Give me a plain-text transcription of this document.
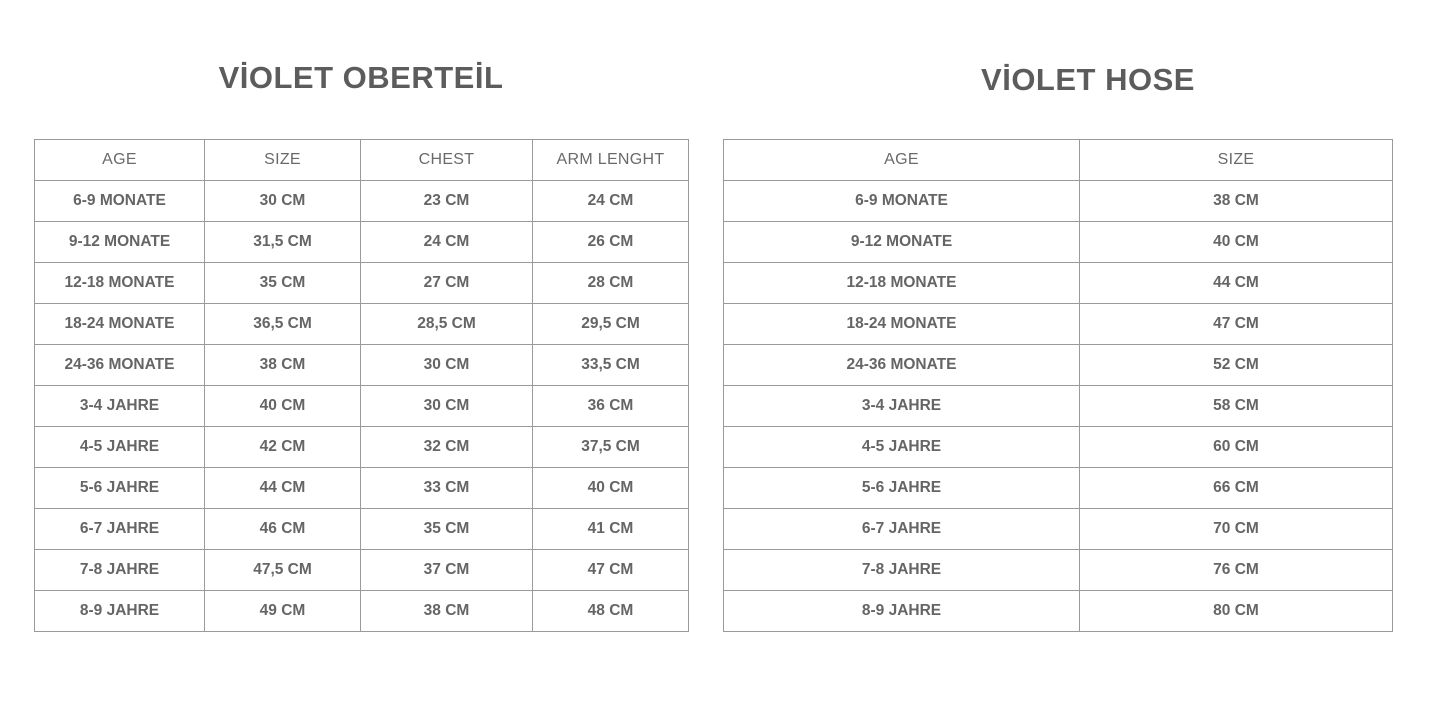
VİOLET OBERTEİL
AGE	SIZE	CHEST	ARM LENGHT
6-9 MONATE	30 CM	23 CM	24 CM
9-12 MONATE	31,5 CM	24 CM	26 CM
12-18 MONATE	35 CM	27 CM	28 CM
18-24 MONATE	36,5 CM	28,5 CM	29,5 CM
24-36 MONATE	38 CM	30 CM	33,5 CM
3-4 JAHRE	40 CM	30 CM	36 CM
4-5 JAHRE	42 CM	32 CM	37,5 CM
5-6 JAHRE	44 CM	33 CM	40 CM
6-7 JAHRE	46 CM	35 CM	41 CM
7-8 JAHRE	47,5 CM	37 CM	47 CM
8-9 JAHRE	49 CM	38 CM	48 CM
VİOLET HOSE
AGE	SIZE
6-9 MONATE	38 CM
9-12 MONATE	40 CM
12-18 MONATE	44 CM
18-24 MONATE	47 CM
24-36 MONATE	52 CM
3-4 JAHRE	58 CM
4-5 JAHRE	60 CM
5-6 JAHRE	66 CM
6-7 JAHRE	70 CM
7-8 JAHRE	76 CM
8-9 JAHRE	80 CM
